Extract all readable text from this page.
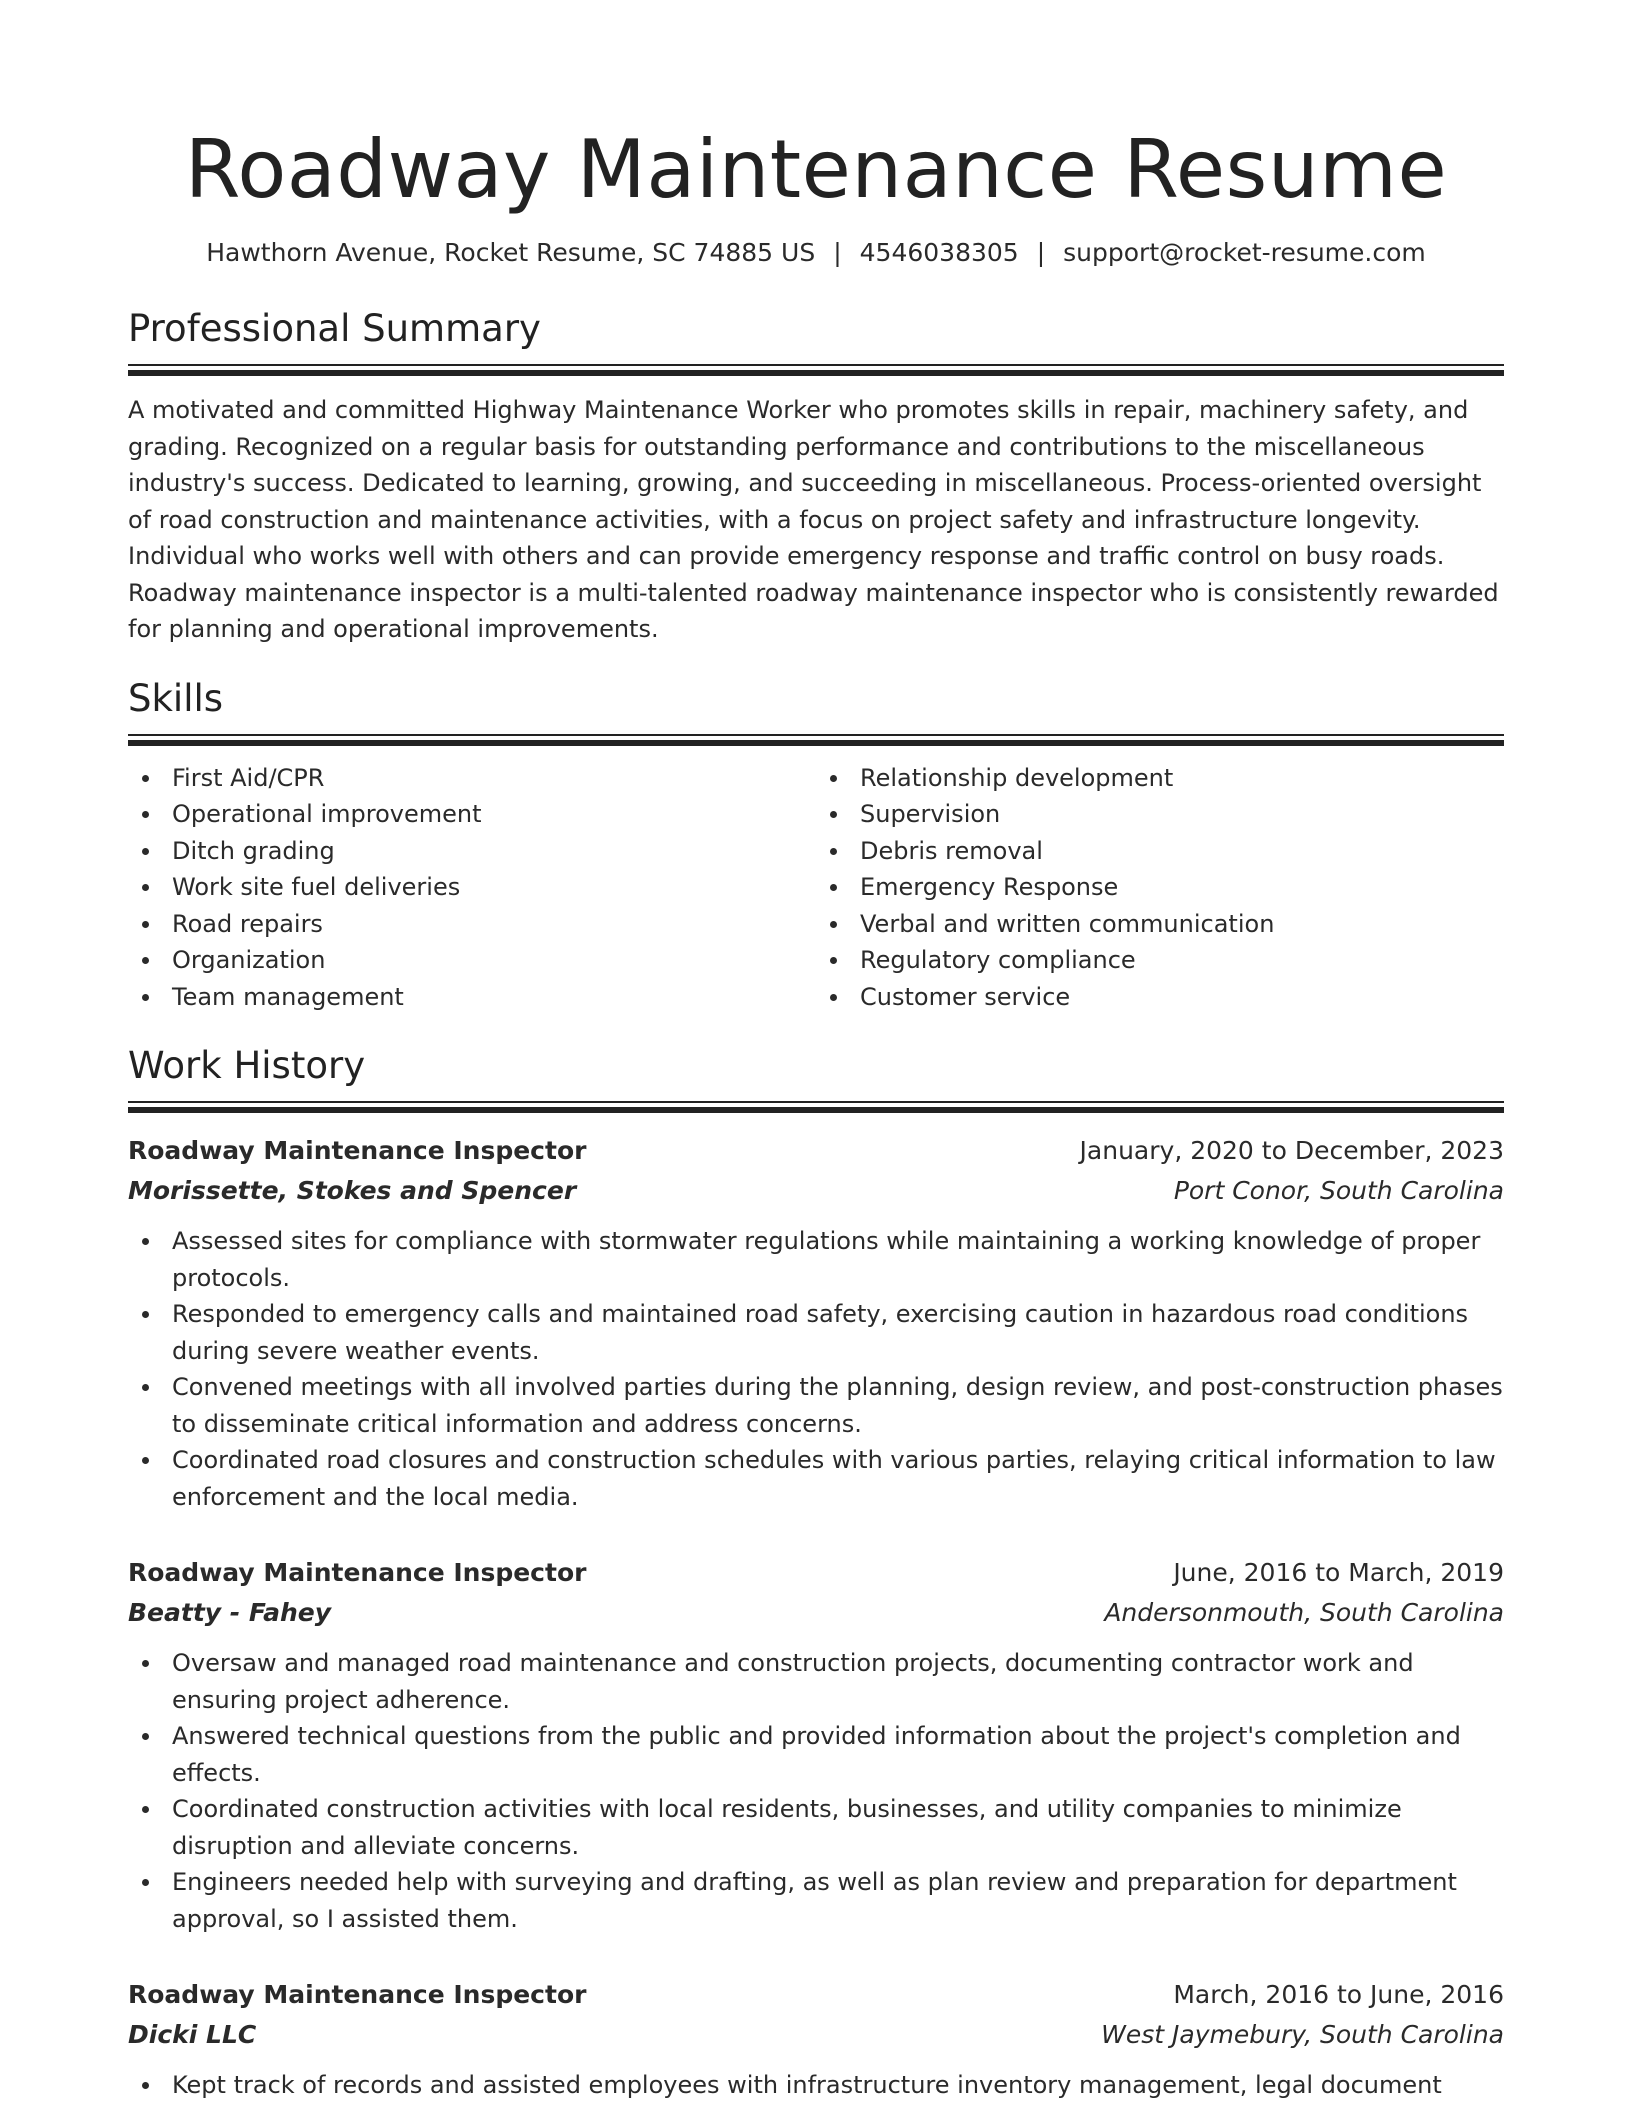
Roadway Maintenance Resume
Hawthorn Avenue, Rocket Resume, SC 74885 US | 4546038305 | support@rocket-resume.com
Professional Summary

A motivated and committed Highway Maintenance Worker who promotes skills in repair, machinery safety, and grading. Recognized on a regular basis for outstanding performance and contributions to the miscellaneous industry's success. Dedicated to learning, growing, and succeeding in miscellaneous. Process-oriented oversight of road construction and maintenance activities, with a focus on project safety and infrastructure longevity. Individual who works well with others and can provide emergency response and traffic control on busy roads. Roadway maintenance inspector is a multi-talented roadway maintenance inspector who is consistently rewarded for planning and operational improvements.

Skills
First Aid/CPR
Operational improvement
Ditch grading
Work site fuel deliveries
Road repairs
Organization
Team management
Relationship development
Supervision
Debris removal
Emergency Response
Verbal and written communication
Regulatory compliance
Customer service
Work History
Roadway Maintenance Inspector	January, 2020 to December, 2023
Morissette, Stokes and Spencer	Port Conor, South Carolina
Assessed sites for compliance with stormwater regulations while maintaining a working knowledge of proper protocols.
Responded to emergency calls and maintained road safety, exercising caution in hazardous road conditions during severe weather events.
Convened meetings with all involved parties during the planning, design review, and post-construction phases to disseminate critical information and address concerns.
Coordinated road closures and construction schedules with various parties, relaying critical information to law enforcement and the local media.
Roadway Maintenance Inspector	June, 2016 to March, 2019
Beatty - Fahey	Andersonmouth, South Carolina
Oversaw and managed road maintenance and construction projects, documenting contractor work and ensuring project adherence.
Answered technical questions from the public and provided information about the project's completion and effects.
Coordinated construction activities with local residents, businesses, and utility companies to minimize disruption and alleviate concerns.
Engineers needed help with surveying and drafting, as well as plan review and preparation for department approval, so I assisted them.
Roadway Maintenance Inspector	March, 2016 to June, 2016
Dicki LLC	West Jaymebury, South Carolina
Kept track of records and assisted employees with infrastructure inventory management, legal document
